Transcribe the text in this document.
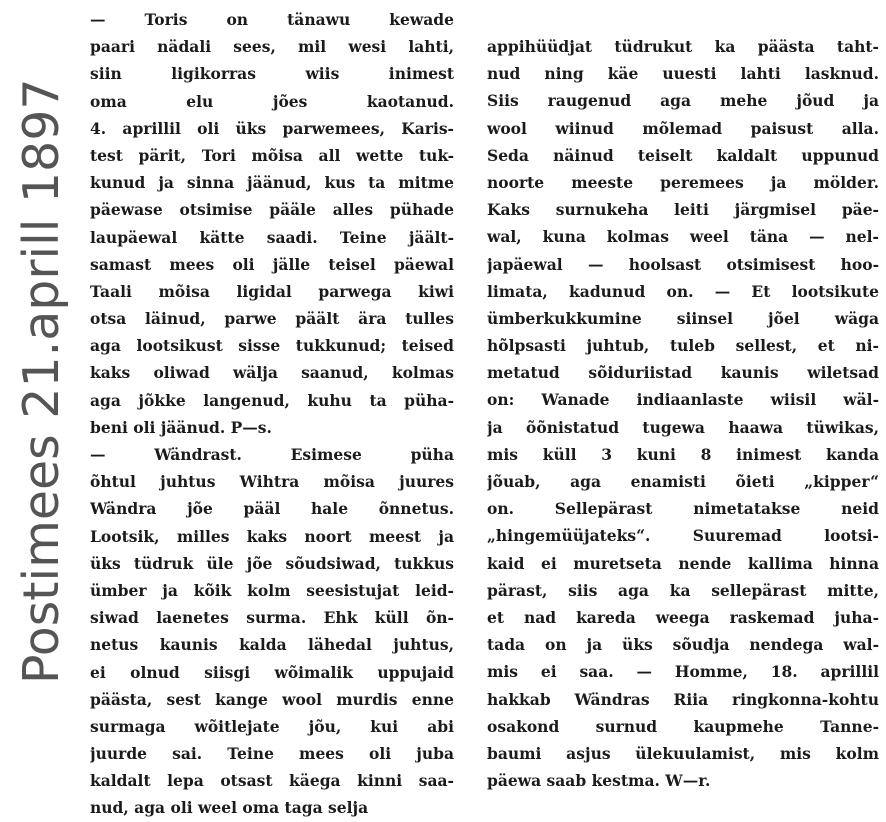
Postimees 21.aprill 1897
— Toris on tänawu kewade
paari nädali sees, mil wesi lahti,
siin ligikorras wiis inimest
oma elu jões kaotanud.
4. aprillil oli üks parwemees, Karis-
test pärit, Tori mõisa all wette tuk-
kunud ja sinna jäänud, kus ta mitme
päewase otsimise pääle alles pühade
laupäewal kätte saadi. Teine jäält-
samast mees oli jälle teisel päewal
Taali mõisa ligidal parwega kiwi
otsa läinud, parwe päält ära tulles
aga lootsikust sisse tukkunud; teised
kaks oliwad wälja saanud, kolmas
aga jõkke langenud, kuhu ta püha-
beni oli jäänud. P—s.
— Wändrast. Esimese püha
õhtul juhtus Wihtra mõisa juures
Wändra jõe pääl hale õnnetus.
Lootsik, milles kaks noort meest ja
üks tüdruk üle jõe sõudsiwad, tukkus
ümber ja kõik kolm seesistujat leid-
siwad laenetes surma. Ehk küll õn-
netus kaunis kalda lähedal juhtus,
ei olnud siisgi wõimalik uppujaid
päästa, sest kange wool murdis enne
surmaga wõitlejate jõu, kui abi
juurde sai. Teine mees oli juba
kaldalt lepa otsast käega kinni saa-
nud, aga oli weel oma taga selja
appihüüdjat tüdrukut ka päästa taht-
nud ning käe uuesti lahti lasknud.
Siis raugenud aga mehe jõud ja
wool wiinud mõlemad paisust alla.
Seda näinud teiselt kaldalt uppunud
noorte meeste peremees ja mölder.
Kaks surnukeha leiti järgmisel päe-
wal, kuna kolmas weel täna — nel-
japäewal — hoolsast otsimisest hoo-
limata, kadunud on. — Et lootsikute
ümberkukkumine siinsel jõel wäga
hõlpsasti juhtub, tuleb sellest, et ni-
metatud sõiduriistad kaunis wiletsad
on: Wanade indiaanlaste wiisil wäl-
ja õõnistatud tugewa haawa tüwikas,
mis küll 3 kuni 8 inimest kanda
jõuab, aga enamisti õieti „kipper“
on. Sellepärast nimetatakse neid
„hingemüüjateks“. Suuremad lootsi-
kaid ei muretseta nende kallima hinna
pärast, siis aga ka sellepärast mitte,
et nad kareda weega raskemad juha-
tada on ja üks sõudja nendega wal-
mis ei saa. — Homme, 18. aprillil
hakkab Wändras Riia ringkonna-kohtu
osakond surnud kaupmehe Tanne-
baumi asjus ülekuulamist, mis kolm
päewa saab kestma. W—r.
